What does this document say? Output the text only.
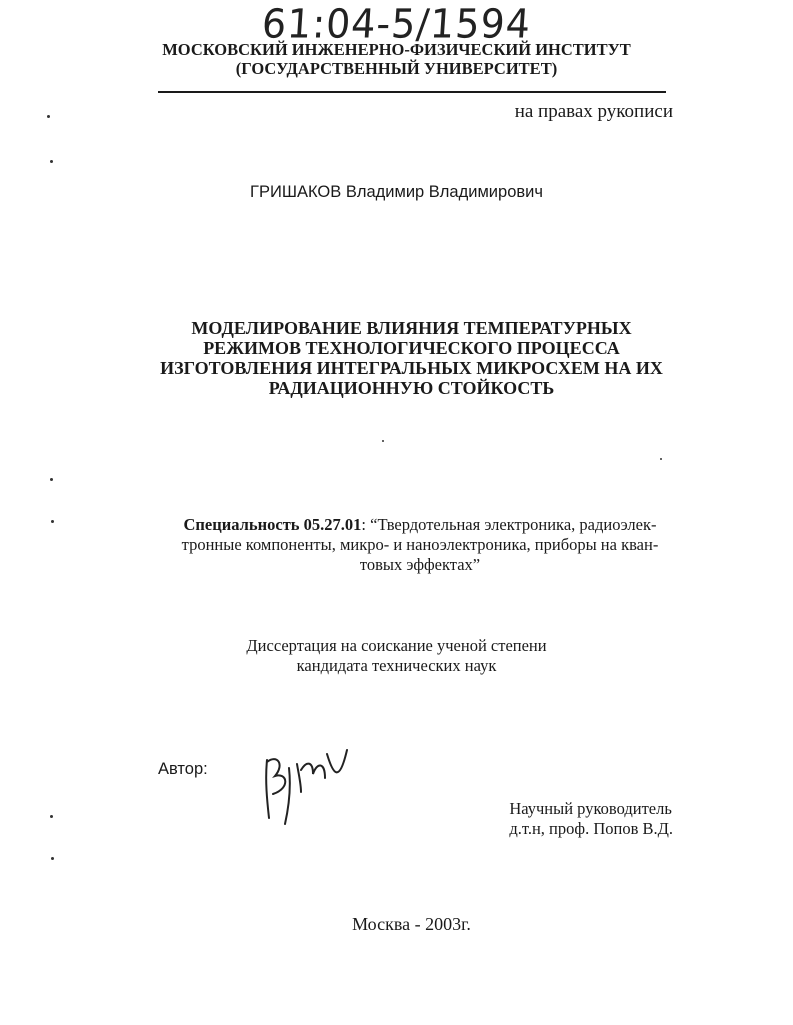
61:04-5/1594
МОСКОВСКИЙ ИНЖЕНЕРНО-ФИЗИЧЕСКИЙ ИНСТИТУТ
(ГОСУДАРСТВЕННЫЙ УНИВЕРСИТЕТ)
на правах рукописи
ГРИШАКОВ Владимир Владимирович
МОДЕЛИРОВАНИЕ ВЛИЯНИЯ ТЕМПЕРАТУРНЫХ
РЕЖИМОВ ТЕХНОЛОГИЧЕСКОГО ПРОЦЕССА
ИЗГОТОВЛЕНИЯ ИНТЕГРАЛЬНЫХ МИКРОСХЕМ НА ИХ
РАДИАЦИОННУЮ СТОЙКОСТЬ
Специальность 05.27.01: “Твердотельная электроника, радиоэлек-
тронные компоненты, микро- и наноэлектроника, приборы на кван-
товых эффектах”
Диссертация на соискание ученой степени
кандидата технических наук
Автор:
Научный руководитель
д.т.н, проф. Попов В.Д.
Москва - 2003г.
